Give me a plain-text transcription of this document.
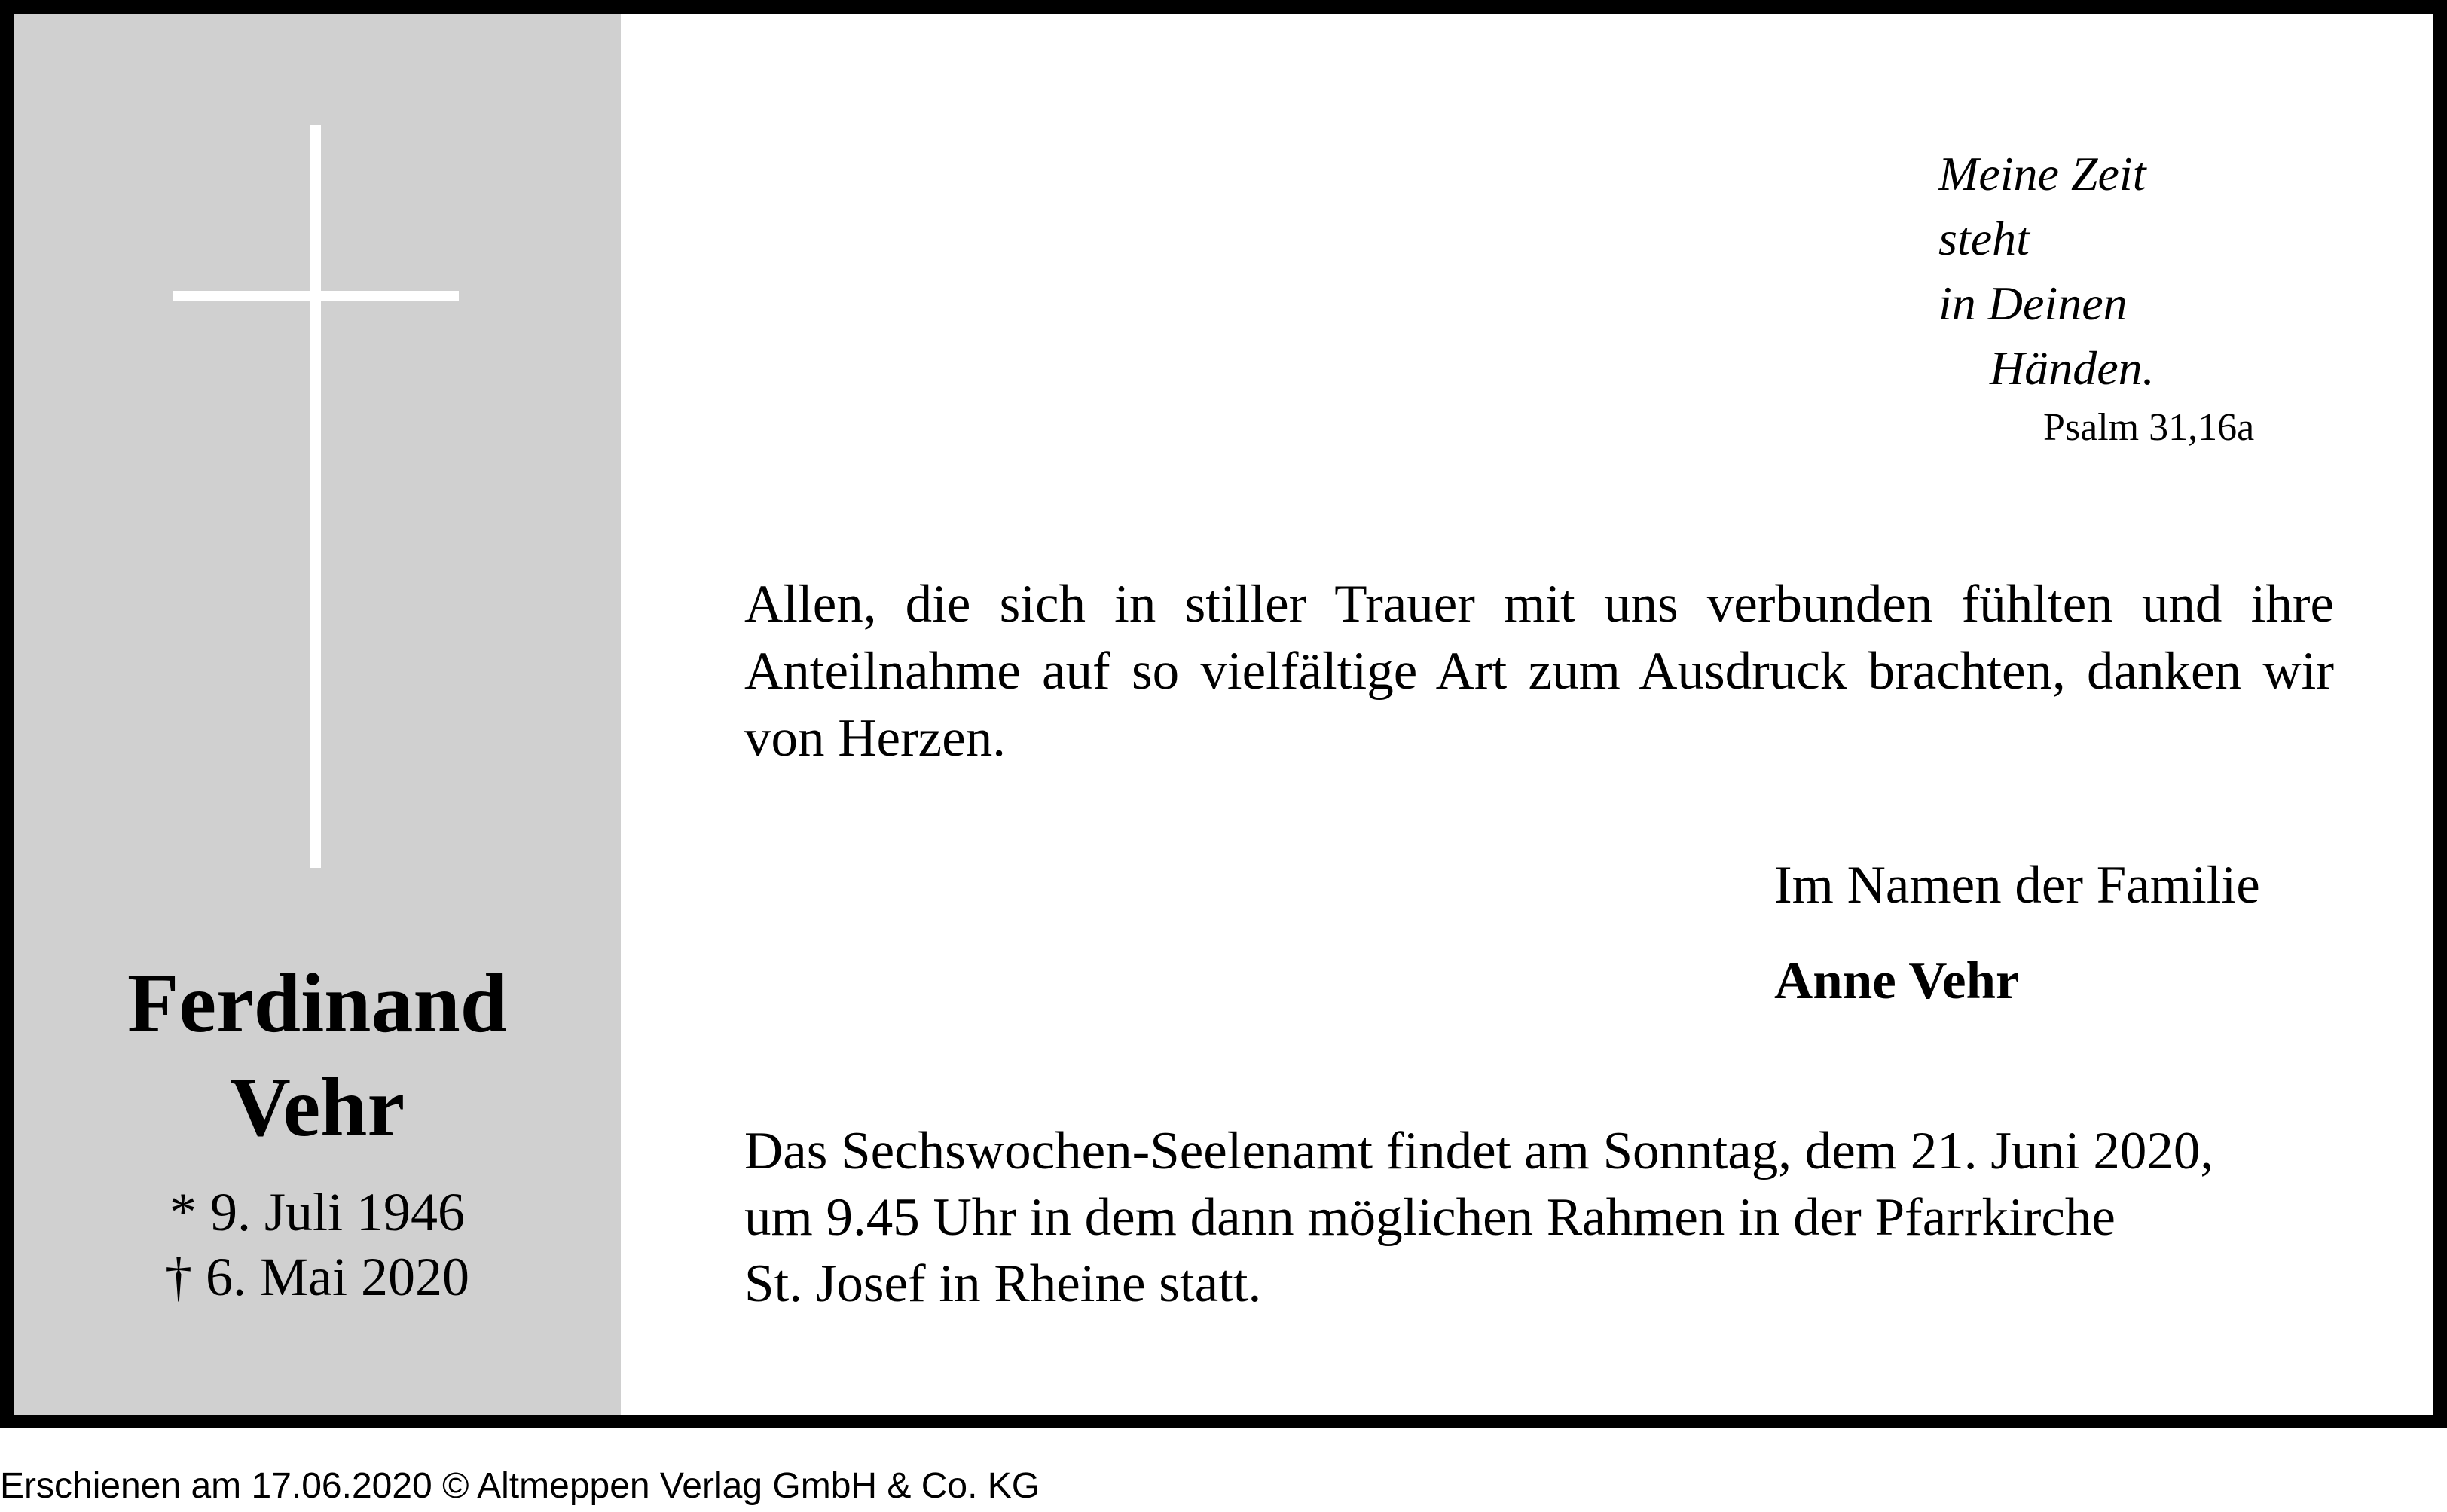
Ferdinand
Vehr
* 9. Juli 1946
† 6. Mai 2020
Meine Zeit
steht
in Deinen
Händen.
Psalm 31,16a
Allen, die sich in stiller Trauer mit uns verbunden fühlten und ihre Anteilnahme auf so vielfältige Art zum Ausdruck brachten, danken wir von Herzen.
Im Namen der Familie
Anne Vehr
Das Sechswochen-Seelenamt findet am Sonntag, dem 21. Juni 2020,
um 9.45 Uhr in dem dann möglichen Rahmen in der Pfarrkirche
St. Josef in Rheine statt.
Erschienen am 17.06.2020 © Altmeppen Verlag GmbH & Co. KG
